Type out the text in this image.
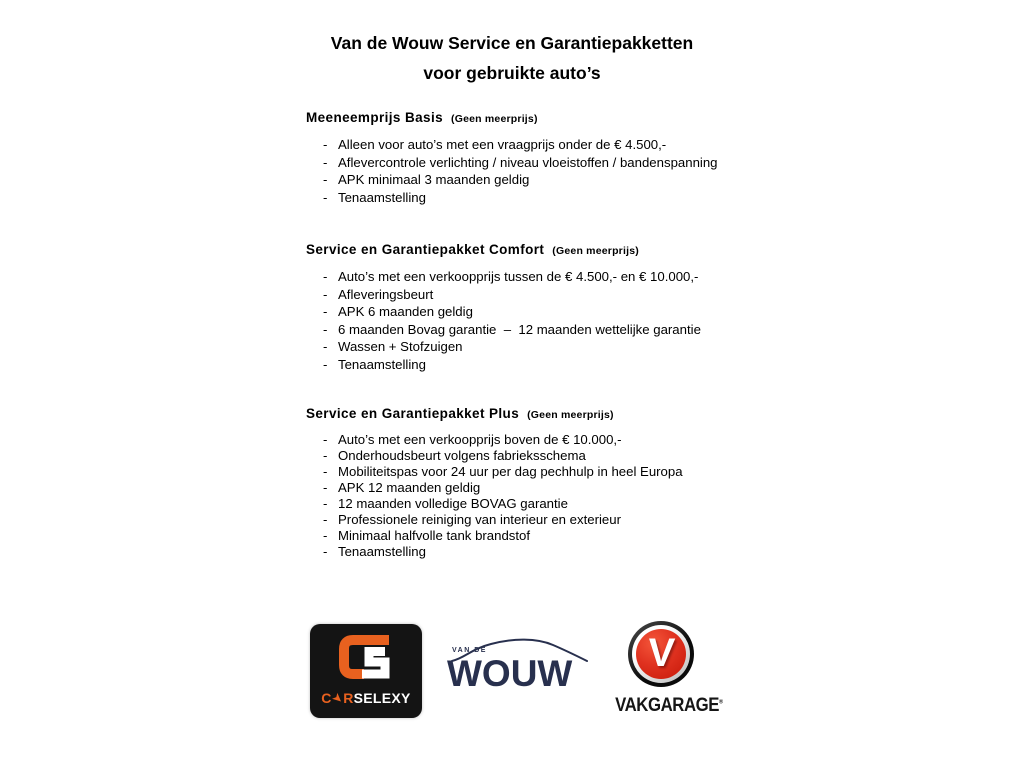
Van de Wouw Service en Garantiepakketten
voor gebruikte auto’s
Meeneemprijs Basis (Geen meerprijs)
- Alleen voor auto’s met een vraagprijs onder de € 4.500,-
- Aflevercontrole verlichting / niveau vloeistoffen / bandenspanning
- APK minimaal 3 maanden geldig
- Tenaamstelling
Service en Garantiepakket Comfort (Geen meerprijs)
- Auto’s met een verkoopprijs tussen de € 4.500,- en € 10.000,-
- Afleveringsbeurt
- APK 6 maanden geldig
- 6 maanden Bovag garantie  –  12 maanden wettelijke garantie
- Wassen + Stofzuigen
- Tenaamstelling
Service en Garantiepakket Plus (Geen meerprijs)
- Auto’s met een verkoopprijs boven de € 10.000,-
- Onderhoudsbeurt volgens fabrieksschema
- Mobiliteitspas voor 24 uur per dag pechhulp in heel Europa
- APK 12 maanden geldig
- 12 maanden volledige BOVAG garantie
- Professionele reiniging van interieur en exterieur
- Minimaal halfvolle tank brandstof
- Tenaamstelling
C➤RSELEXY
VAN DE
WOUW V
VAKGARAGE®
